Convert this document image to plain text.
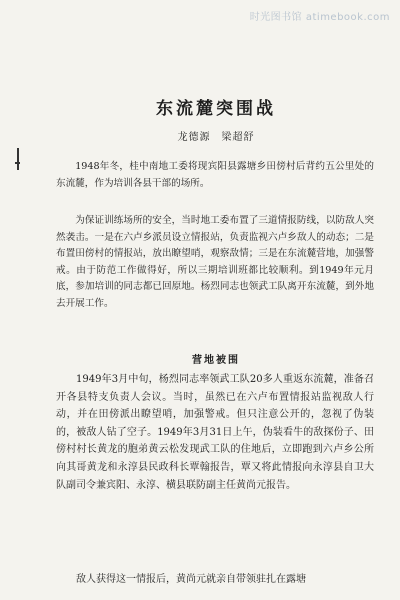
时光图书馆 atimebook.com
东流麓突围战
龙德源　梁超舒

1948年冬，桂中南地工委将现宾阳县露塘乡田傍村后背约五公里处的东流麓，作为培训各县干部的场所。

为保证训练场所的安全，当时地工委布置了三道情报防线，以防敌人突然袭击。一是在六卢乡派员设立情报站，负责监视六卢乡敌人的动态；二是布置田傍村的情报站，放出瞭望哨，观察敌情；三是在东流麓营地，加强警戒。由于防范工作做得好，所以三期培训班都比较顺利。到1949年元月底，参加培训的同志都已回原地。杨烈同志也领武工队离开东流麓，到外地去开展工作。

营地被围

1949年3月中旬，杨烈同志率领武工队20多人重返东流麓，准备召开各县特支负责人会议。当时，虽然已在六卢布置情报站监视敌人行动，并在田傍派出瞭望哨，加强警戒。但只注意公开的，忽视了伪装的，被敌人钻了空子。1949年3月31日上午，伪装看牛的敌探份子、田傍村村长黄龙的胞弟黄云松发现武工队的住地后，立即跑到六卢乡公所向其哥黄龙和永淳县民政科长覃翰报告，覃又将此情报向永淳县自卫大队副司令兼宾阳、永淳、横县联防副主任黄尚元报告。

敌人获得这一情报后，黄尚元就亲自带领驻扎在露塘
